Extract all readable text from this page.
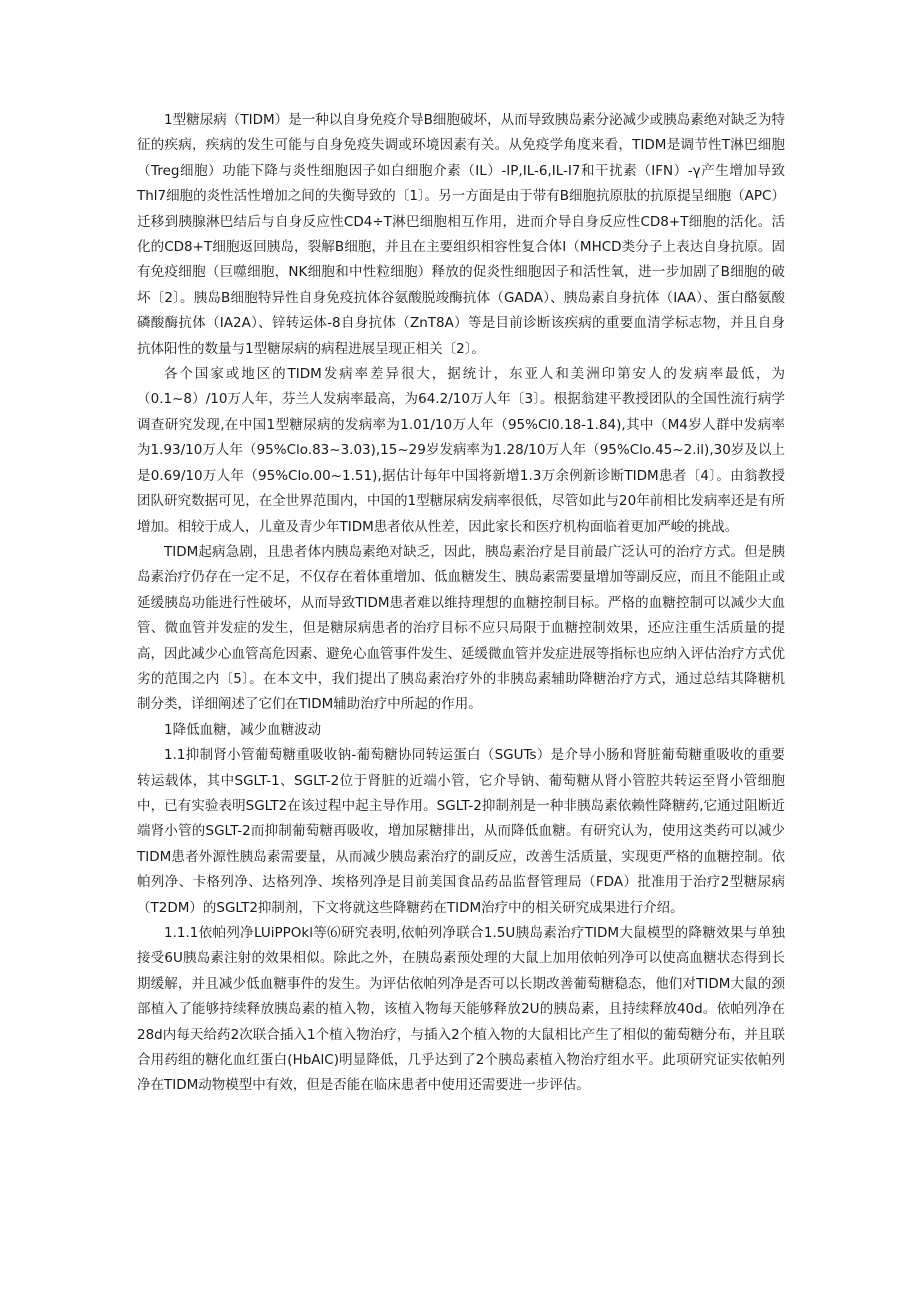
1型糖尿病（TIDM）是一种以自身免疫介导B细胞破坏，从而导致胰岛素分泌减少或胰岛素绝对缺乏为特征的疾病，疾病的发生可能与自身免疫失调或环境因素有关。从免疫学角度来看，TIDM是调节性T淋巴细胞（Treg细胞）功能下降与炎性细胞因子如白细胞介素（IL）-IP,IL-6,IL-I7和干扰素（IFN）-γ产生增加导致Thl7细胞的炎性活性增加之间的失衡导致的〔1〕。另一方面是由于带有B细胞抗原肽的抗原提呈细胞（APC）迁移到胰腺淋巴结后与自身反应性CD4÷T淋巴细胞相互作用，进而介导自身反应性CD8+T细胞的活化。活化的CD8+T细胞返回胰岛，裂解B细胞，并且在主要组织相容性复合体I（MHCD类分子上表达自身抗原。固有免疫细胞（巨噬细胞，NK细胞和中性粒细胞）释放的促炎性细胞因子和活性氧，进一步加剧了B细胞的破坏〔2〕。胰岛B细胞特异性自身免疫抗体谷氨酸脱竣酶抗体（GADA）、胰岛素自身抗体（IAA）、蛋白酪氨酸磷酸酶抗体（IA2A）、锌转运体-8自身抗体（ZnT8A）等是目前诊断该疾病的重要血清学标志物，并且自身抗体阳性的数量与1型糖尿病的病程进展呈现正相关〔2〕。

各个国家或地区的TIDM发病率差异很大，据统计，东亚人和美洲印第安人的发病率最低，为（0.1~8）/10万人年，芬兰人发病率最高，为64.2/10万人年〔3〕。根据翁建平教授团队的全国性流行病学调查研究发现,在中国1型糖尿病的发病率为1.01/10万人年（95%Cl0.18-1.84),其中（M4岁人群中发病率为1.93/10万人年（95%Clo.83~3.03),15~29岁发病率为1.28/10万人年（95%Clo.45~2.il),30岁及以上是0.69/10万人年（95%Clo.00~1.51),据估计每年中国将新增1.3万余例新诊断TIDM患者〔4〕。由翁教授团队研究数据可见，在全世界范围内，中国的1型糖尿病发病率很低，尽管如此与20年前相比发病率还是有所增加。相较于成人，儿童及青少年TIDM患者依从性差，因此家长和医疗机构面临着更加严峻的挑战。

TIDM起病急剧，且患者体内胰岛素绝对缺乏，因此，胰岛素治疗是目前最广泛认可的治疗方式。但是胰岛素治疗仍存在一定不足，不仅存在着体重增加、低血糖发生、胰岛素需要量增加等副反应，而且不能阻止或延缓胰岛功能进行性破坏，从而导致TIDM患者难以维持理想的血糖控制目标。严格的血糖控制可以减少大血管、微血管并发症的发生，但是糖尿病患者的治疗目标不应只局限于血糖控制效果，还应注重生活质量的提高，因此减少心血管高危因素、避免心血管事件发生、延缓微血管并发症进展等指标也应纳入评估治疗方式优劣的范围之内〔5〕。在本文中，我们提出了胰岛素治疗外的非胰岛素辅助降糖治疗方式，通过总结其降糖机制分类，详细阐述了它们在TIDM辅助治疗中所起的作用。

1降低血糖，减少血糖波动

1.1抑制肾小管葡萄糖重吸收钠-葡萄糖协同转运蛋白（SGUTs）是介导小肠和肾脏葡萄糖重吸收的重要转运载体，其中SGLT-1、SGLT-2位于肾脏的近端小管，它介导钠、葡萄糖从肾小管腔共转运至肾小管细胞中，已有实验表明SGLT2在该过程中起主导作用。SGLT-2抑制剂是一种非胰岛素依赖性降糖药,它通过阻断近端肾小管的SGLT-2而抑制葡萄糖再吸收，增加尿糖排出，从而降低血糖。有研究认为，使用这类药可以减少TIDM患者外源性胰岛素需要量，从而减少胰岛素治疗的副反应，改善生活质量，实现更严格的血糖控制。依帕列净、卡格列净、达格列净、埃格列净是目前美国食品药品监督管理局（FDA）批准用于治疗2型糖尿病（T2DM）的SGLT2抑制剂，下文将就这些降糖药在TIDM治疗中的相关研究成果进行介绍。

1.1.1依帕列净LUiPPOkl等⑹研究表明,依帕列净联合1.5U胰岛素治疗TIDM大鼠模型的降糖效果与单独接受6U胰岛素注射的效果相似。除此之外，在胰岛素预处理的大鼠上加用依帕列净可以使高血糖状态得到长期缓解，并且减少低血糖事件的发生。为评估依帕列净是否可以长期改善葡萄糖稳态，他们对TIDM大鼠的颈部植入了能够持续释放胰岛素的植入物，该植入物每天能够释放2U的胰岛素，且持续释放40d。依帕列净在28d内每天给药2次联合插入1个植入物治疗，与插入2个植入物的大鼠相比产生了相似的葡萄糖分布，并且联合用药组的糖化血红蛋白(HbAlC)明显降低，几乎达到了2个胰岛素植入物治疗组水平。此项研究证实依帕列净在TIDM动物模型中有效，但是否能在临床患者中使用还需要进一步评估。
